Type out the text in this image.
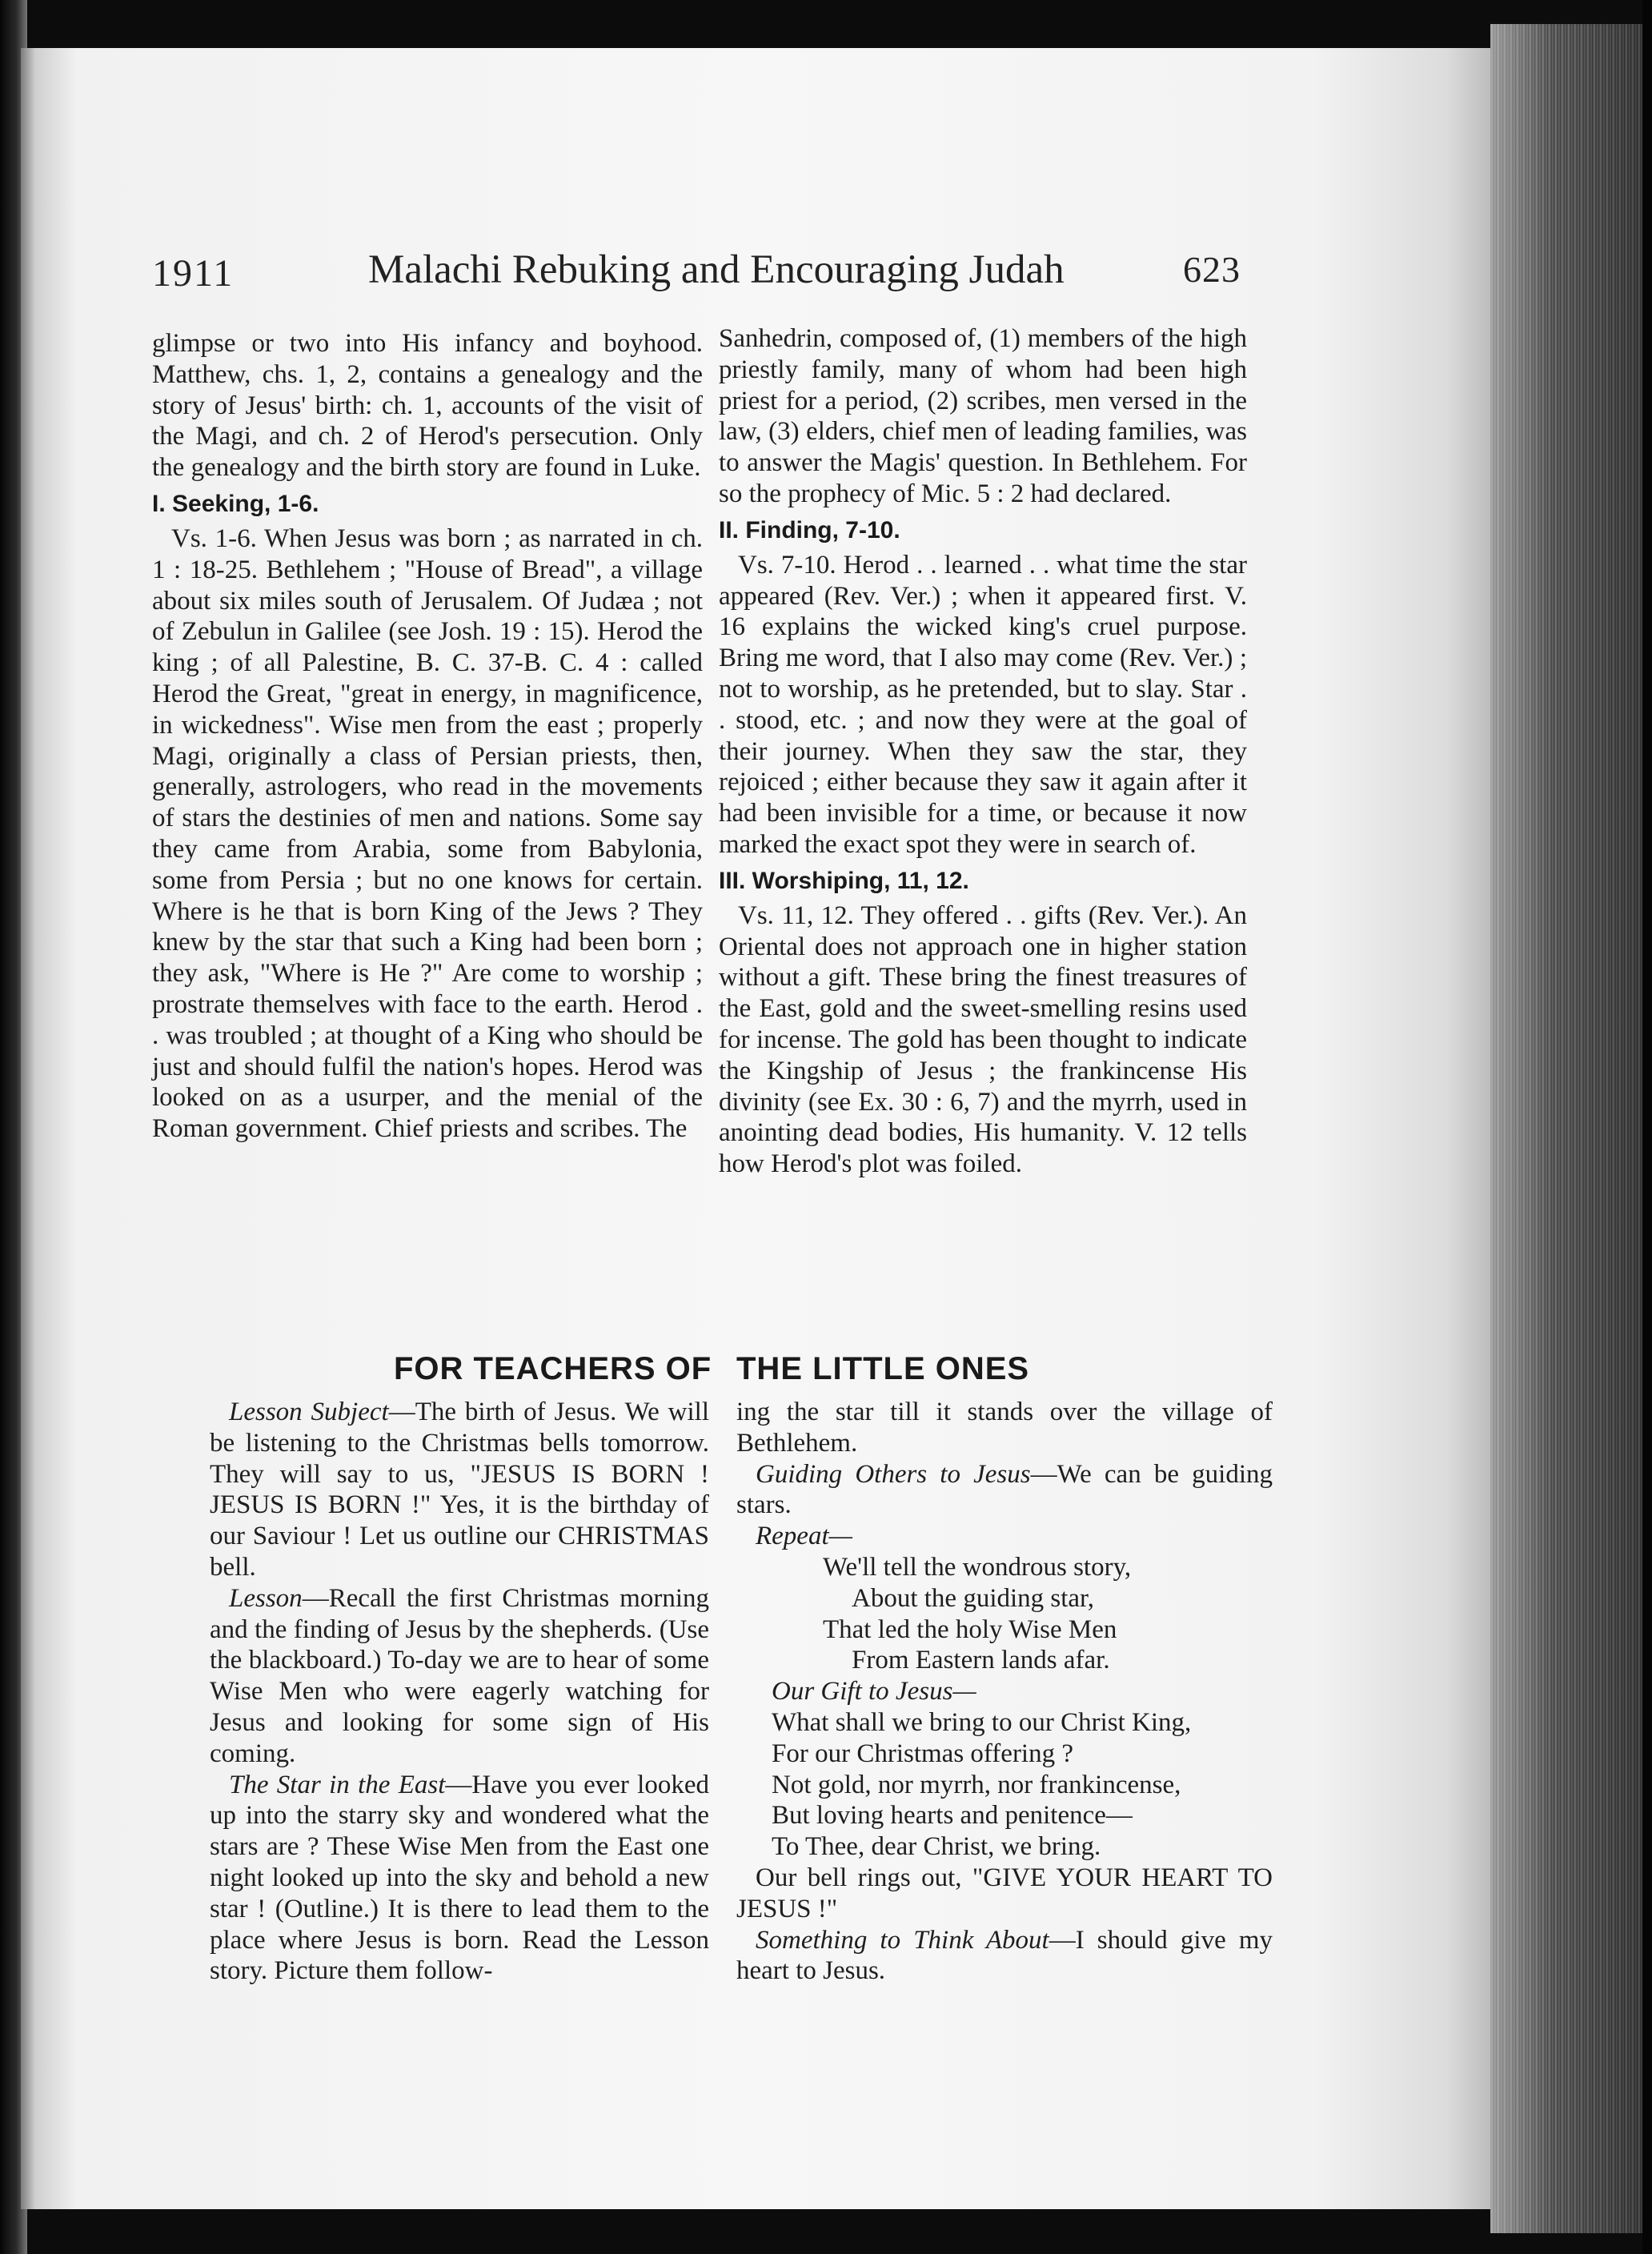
1911	Malachi Rebuking and Encouraging Judah	623

glimpse or two into His infancy and boyhood. Matthew, chs. 1, 2, contains a genealogy and the story of Jesus' birth: ch. 1, accounts of the visit of the Magi, and ch. 2 of Herod's persecution. Only the genealogy and the birth story are found in Luke.

I. Seeking, 1-6.

Vs. 1-6. When Jesus was born ; as narrated in ch. 1 : 18-25. Bethlehem ; "House of Bread", a village about six miles south of Jerusalem. Of Judæa ; not of Zebulun in Galilee (see Josh. 19 : 15). Herod the king ; of all Palestine, B. C. 37-B. C. 4 : called Herod the Great, "great in energy, in magnificence, in wickedness". Wise men from the east ; properly Magi, originally a class of Persian priests, then, generally, astrologers, who read in the movements of stars the destinies of men and nations. Some say they came from Arabia, some from Babylonia, some from Persia ; but no one knows for certain. Where is he that is born King of the Jews ? They knew by the star that such a King had been born ; they ask, "Where is He ?" Are come to worship ; prostrate themselves with face to the earth. Herod . . was troubled ; at thought of a King who should be just and should fulfil the nation's hopes. Herod was looked on as a usurper, and the menial of the Roman government. Chief priests and scribes. The

Sanhedrin, composed of, (1) members of the high priestly family, many of whom had been high priest for a period, (2) scribes, men versed in the law, (3) elders, chief men of leading families, was to answer the Magis' question. In Bethlehem. For so the prophecy of Mic. 5 : 2 had declared.

II. Finding, 7-10.

Vs. 7-10. Herod . . learned . . what time the star appeared (Rev. Ver.) ; when it appeared first. V. 16 explains the wicked king's cruel purpose. Bring me word, that I also may come (Rev. Ver.) ; not to worship, as he pretended, but to slay. Star . . stood, etc. ; and now they were at the goal of their journey. When they saw the star, they rejoiced ; either because they saw it again after it had been invisible for a time, or because it now marked the exact spot they were in search of.

III. Worshiping, 11, 12.

Vs. 11, 12. They offered . . gifts (Rev. Ver.). An Oriental does not approach one in higher station without a gift. These bring the finest treasures of the East, gold and the sweet-smelling resins used for incense. The gold has been thought to indicate the Kingship of Jesus ; the frankincense His divinity (see Ex. 30 : 6, 7) and the myrrh, used in anointing dead bodies, His humanity. V. 12 tells how Herod's plot was foiled.

FOR TEACHERS OF THE LITTLE ONES

Lesson Subject—The birth of Jesus. We will be listening to the Christmas bells tomorrow. They will say to us, "JESUS IS BORN ! JESUS IS BORN !" Yes, it is the birthday of our Saviour ! Let us outline our CHRISTMAS bell.

Lesson—Recall the first Christmas morning and the finding of Jesus by the shepherds. (Use the blackboard.) To-day we are to hear of some Wise Men who were eagerly watching for Jesus and looking for some sign of His coming.

The Star in the East—Have you ever looked up into the starry sky and wondered what the stars are ? These Wise Men from the East one night looked up into the sky and behold a new star ! (Outline.) It is there to lead them to the place where Jesus is born. Read the Lesson story. Picture them follow-

ing the star till it stands over the village of Bethlehem.

Guiding Others to Jesus—We can be guiding stars.

Repeat—

We'll tell the wondrous story,

About the guiding star,

That led the holy Wise Men

From Eastern lands afar.

Our Gift to Jesus—

What shall we bring to our Christ King,

For our Christmas offering ?

Not gold, nor myrrh, nor frankincense,

But loving hearts and penitence—

To Thee, dear Christ, we bring.

Our bell rings out, "GIVE YOUR HEART TO JESUS !"

Something to Think About—I should give my heart to Jesus.
